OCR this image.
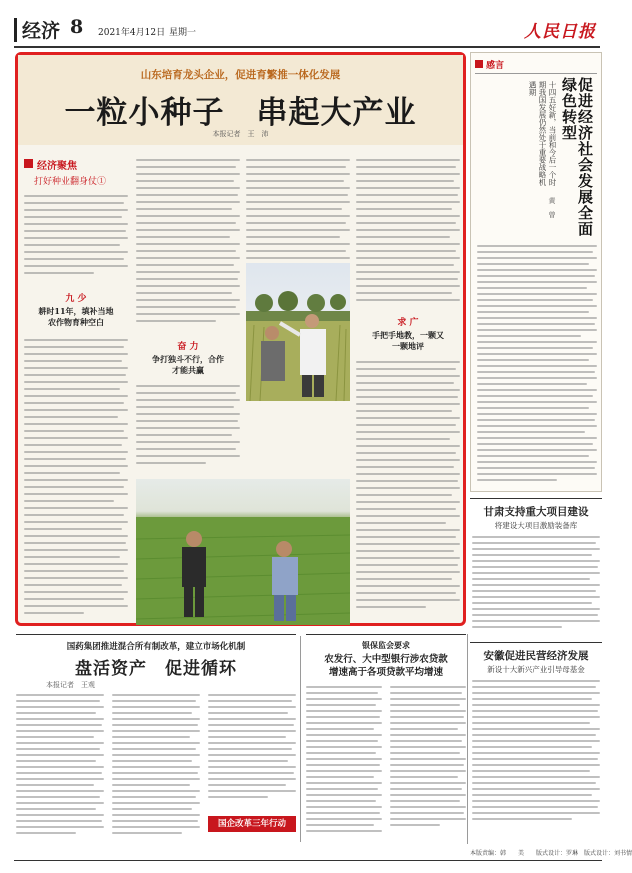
经济 8 2021年4月12日 星期一	人民日报
山东培育龙头企业，促进育繁推一体化发展
一粒小种子　串起大产业
本报记者　王　沛
经济聚焦
打好种业翻身仗①
九 少
耕时11年，填补当地
农作物育种空白
奋 力
争打独斗不行，合作
才能共赢
求 广
手把手地教，一颗又
一颗地评
感言
促进经济社会发展全面绿色转型
十四五好新，当前和今后一个时期我国发展仍然处于重要战略机遇期
黄　曾
甘肃支持重大项目建设
将建设大项目激励装备库
安徽促进民营经济发展
新设十大新兴产业引导母基金
国药集团推进混合所有制改革，建立市场化机制
盘活资产　促进循环
本报记者　王观
国企改革三年行动
银保监会要求
农发行、大中型银行涉农贷款
增速高于各项贷款平均增速
本版责编：韩　　美　　版式设计：罗琳　版式设计：刘书情
